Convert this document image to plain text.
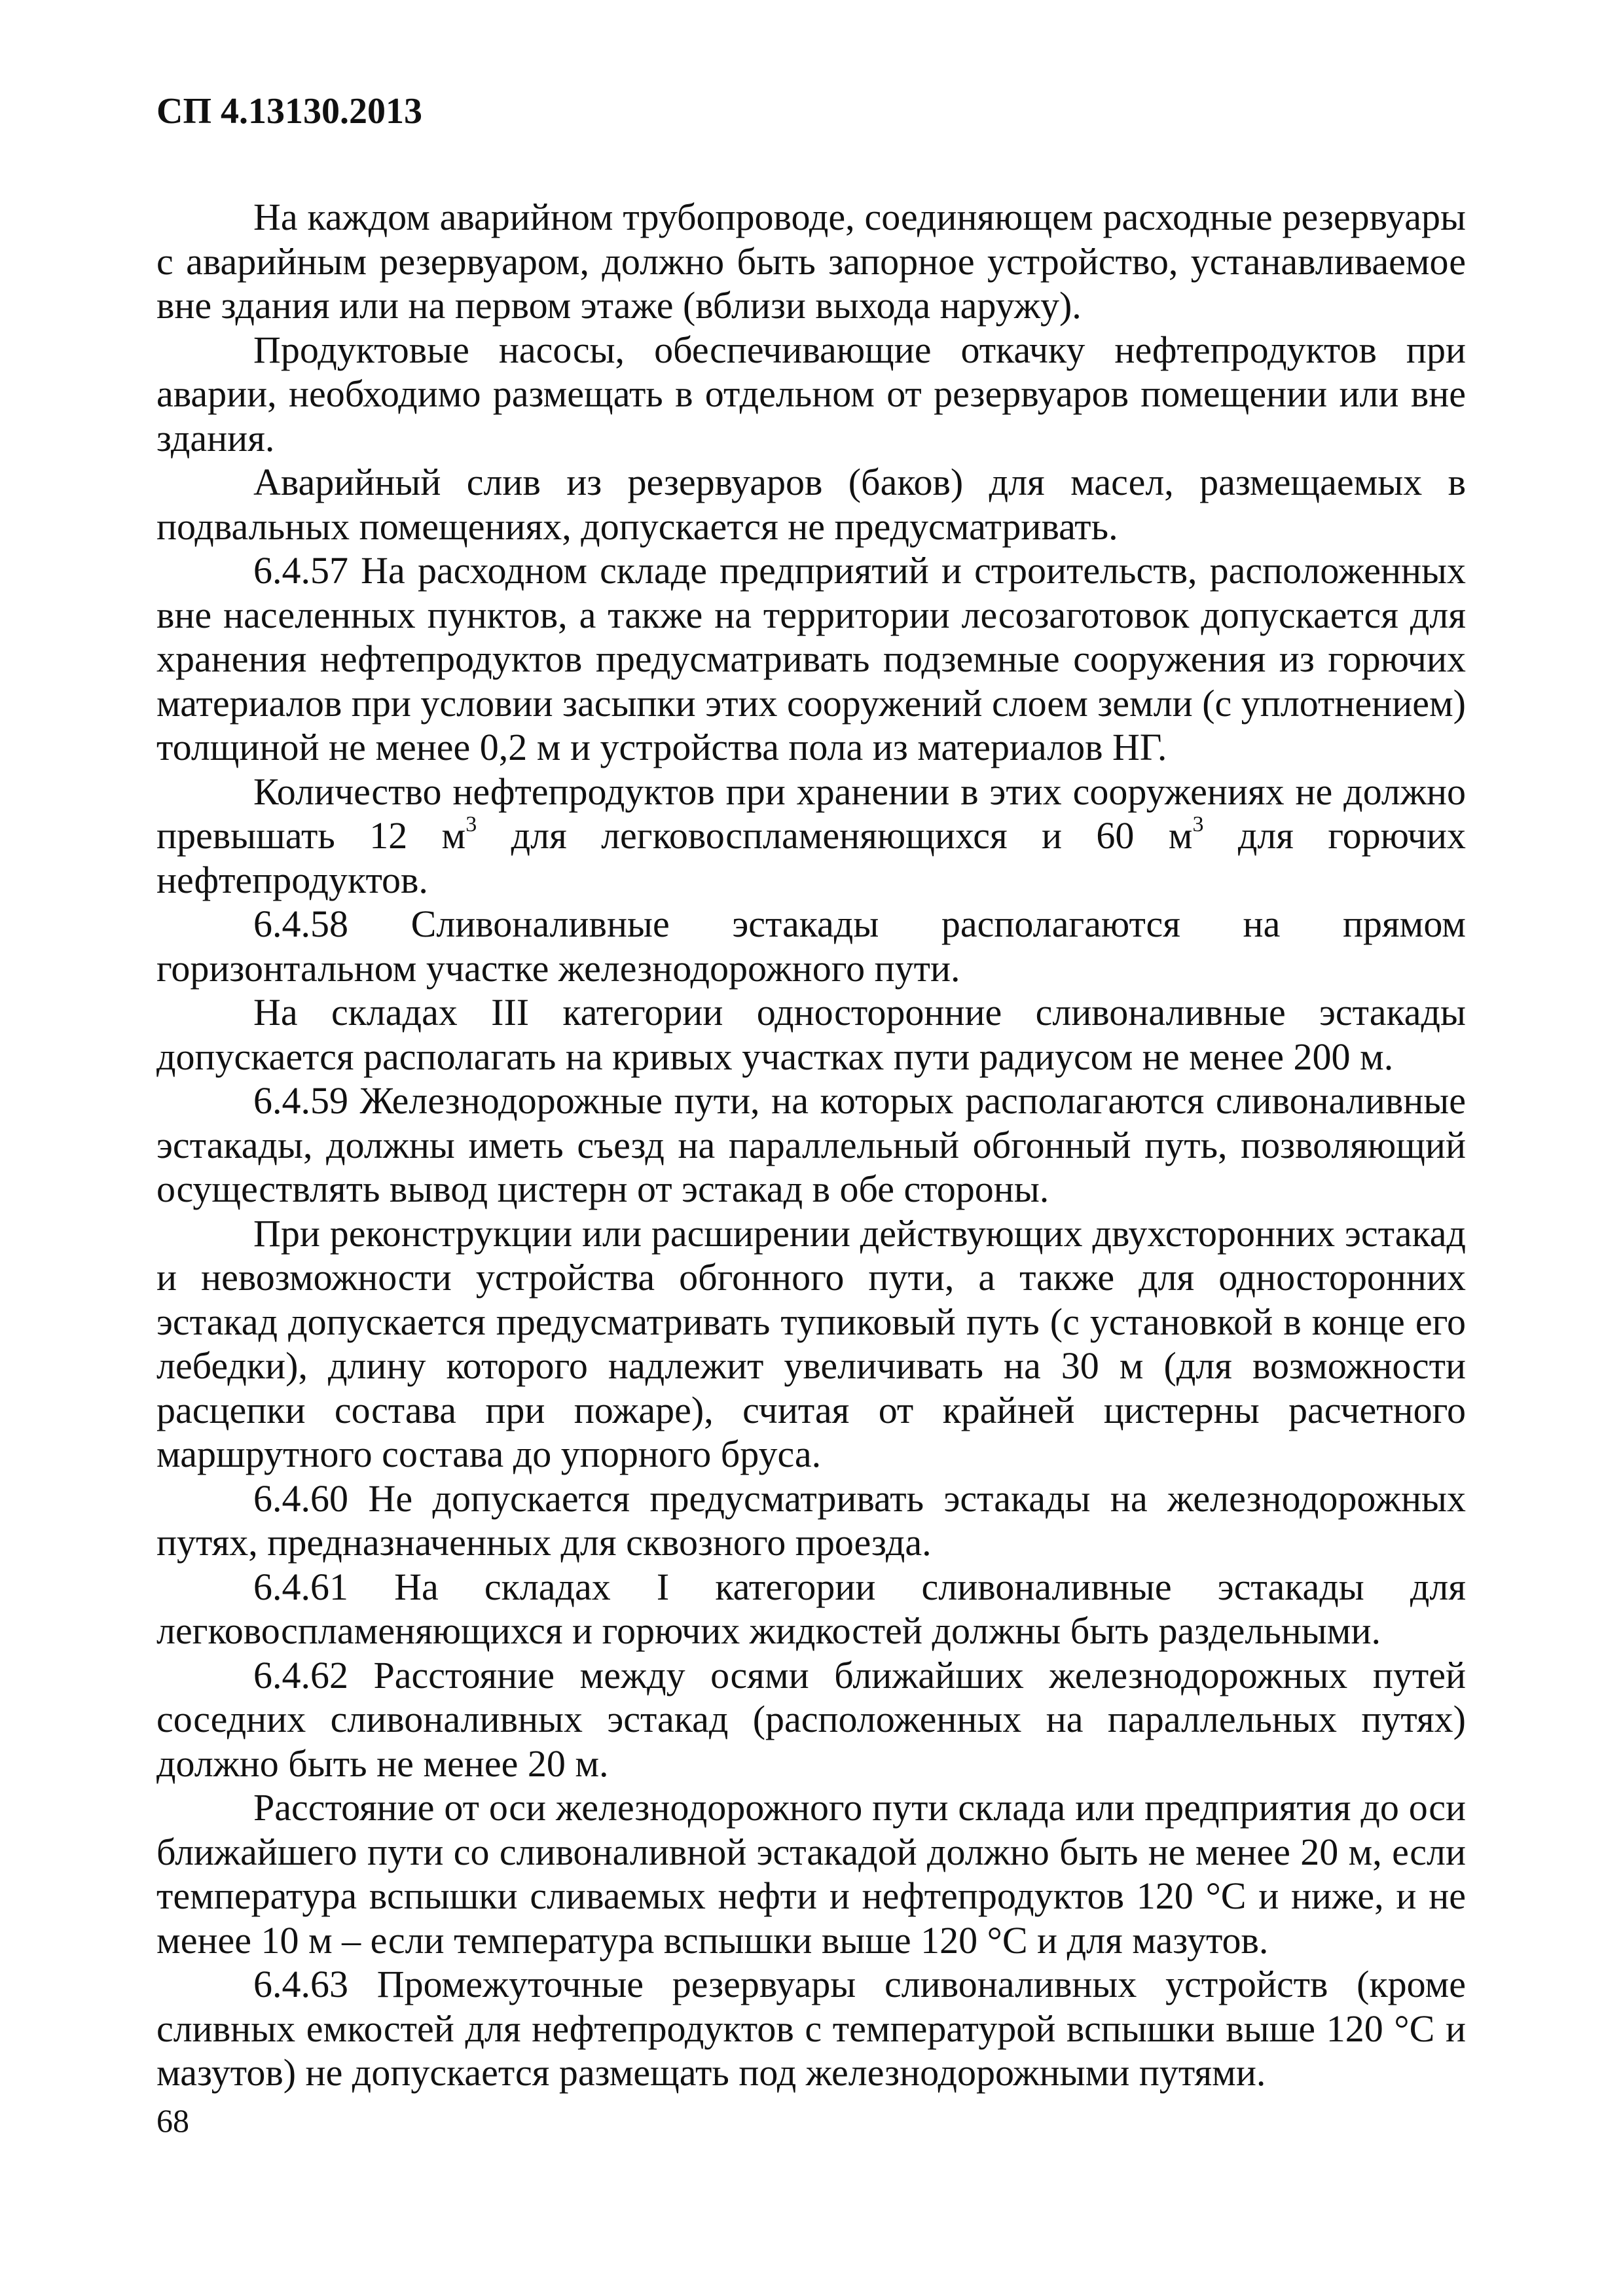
СП 4.13130.2013

На каждом аварийном трубопроводе, соединяющем расходные резервуары с аварийным резервуаром, должно быть запорное устройство, устанавливаемое вне здания или на первом этаже (вблизи выхода наружу).

Продуктовые насосы, обеспечивающие откачку нефтепродуктов при аварии, необходимо размещать в отдельном от резервуаров помещении или вне здания.

Аварийный слив из резервуаров (баков) для масел, размещаемых в подвальных помещениях, допускается не предусматривать.

6.4.57 На расходном складе предприятий и строительств, расположенных вне населенных пунктов, а также на территории лесозаготовок допускается для хранения нефтепродуктов предусматривать подземные сооружения из горючих материалов при условии засыпки этих сооружений слоем земли (с уплотнением) толщиной не менее 0,2 м и устройства пола из материалов НГ.

Количество нефтепродуктов при хранении в этих сооружениях не должно превышать 12 $м^3$ для легковоспламеняющихся и 60 $м^3$ для горючих нефтепродуктов.

6.4.58 Сливоналивные эстакады располагаются на прямом горизонтальном участке железнодорожного пути.

На складах III категории односторонние сливоналивные эстакады допускается располагать на кривых участках пути радиусом не менее 200 м.

6.4.59 Железнодорожные пути, на которых располагаются сливоналивные эстакады, должны иметь съезд на параллельный обгонный путь, позволяющий осуществлять вывод цистерн от эстакад в обе стороны.

При реконструкции или расширении действующих двухсторонних эстакад и невозможности устройства обгонного пути, а также для односторонних эстакад допускается предусматривать тупиковый путь (с установкой в конце его лебедки), длину которого надлежит увеличивать на 30 м (для возможности расцепки состава при пожаре), считая от крайней цистерны расчетного маршрутного состава до упорного бруса.

6.4.60 Не допускается предусматривать эстакады на железнодорожных путях, предназначенных для сквозного проезда.

6.4.61 На складах I категории сливоналивные эстакады для легковоспламеняющихся и горючих жидкостей должны быть раздельными.

6.4.62 Расстояние между осями ближайших железнодорожных путей соседних сливоналивных эстакад (расположенных на параллельных путях) должно быть не менее 20 м.

Расстояние от оси железнодорожного пути склада или предприятия до оси ближайшего пути со сливоналивной эстакадой должно быть не менее 20 м, если температура вспышки сливаемых нефти и нефтепродуктов 120 °С и ниже, и не менее 10 м – если температура вспышки выше 120 °С и для мазутов.

6.4.63 Промежуточные резервуары сливоналивных устройств (кроме сливных емкостей для нефтепродуктов с температурой вспышки выше 120 °С и мазутов) не допускается размещать под железнодорожными путями.

68
